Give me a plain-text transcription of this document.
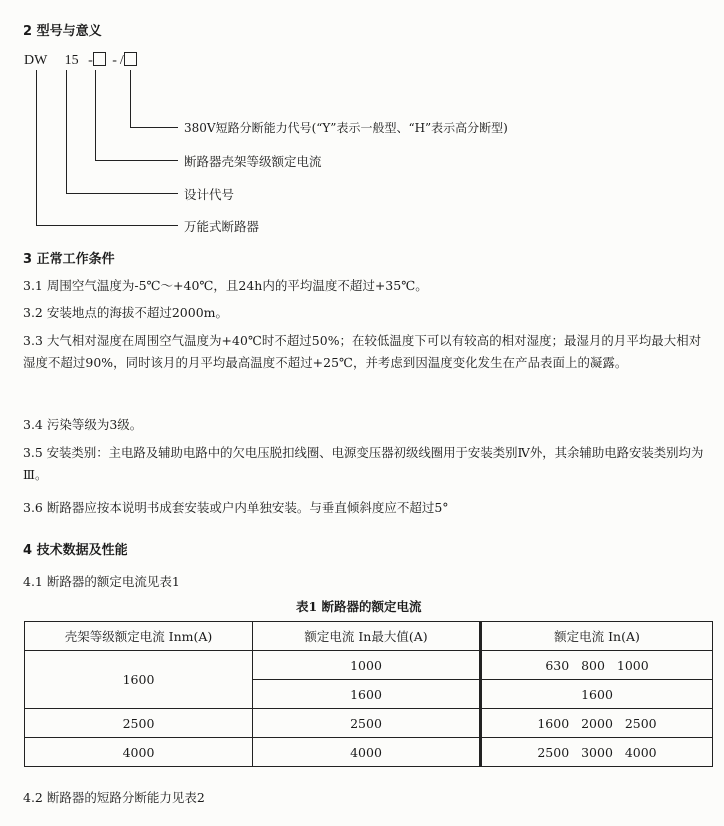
2 型号与意义
DW 15 - - /
380V短路分断能力代号(“Y”表示一般型、“H”表示高分断型)
断路器壳架等级额定电流
设计代号
万能式断路器
3 正常工作条件
3.1 周围空气温度为-5℃～+40℃，且24h内的平均温度不超过+35℃。
3.2 安装地点的海拔不超过2000m。
3.3 大气相对湿度在周围空气温度为+40℃时不超过50%；在较低温度下可以有较高的相对湿度；最湿月的月平均最大相对湿度不超过90%，同时该月的月平均最高温度不超过+25℃，并考虑到因温度变化发生在产品表面上的凝露。
3.4 污染等级为3级。
3.5 安装类别：主电路及辅助电路中的欠电压脱扣线圈、电源变压器初级线圈用于安装类别Ⅳ外，其余辅助电路安装类别均为Ⅲ。
3.6 断路器应按本说明书成套安装或户内单独安装。与垂直倾斜度应不超过5°
4 技术数据及性能
4.1 断路器的额定电流见表1
表1 断路器的额定电流
壳架等级额定电流 Inm(A)	额定电流 In最大值(A)	额定电流 In(A)
1600	1000	630   800   1000
	1600	1600
2500	2500	1600   2000   2500
4000	4000	2500   3000   4000
4.2 断路器的短路分断能力见表2
